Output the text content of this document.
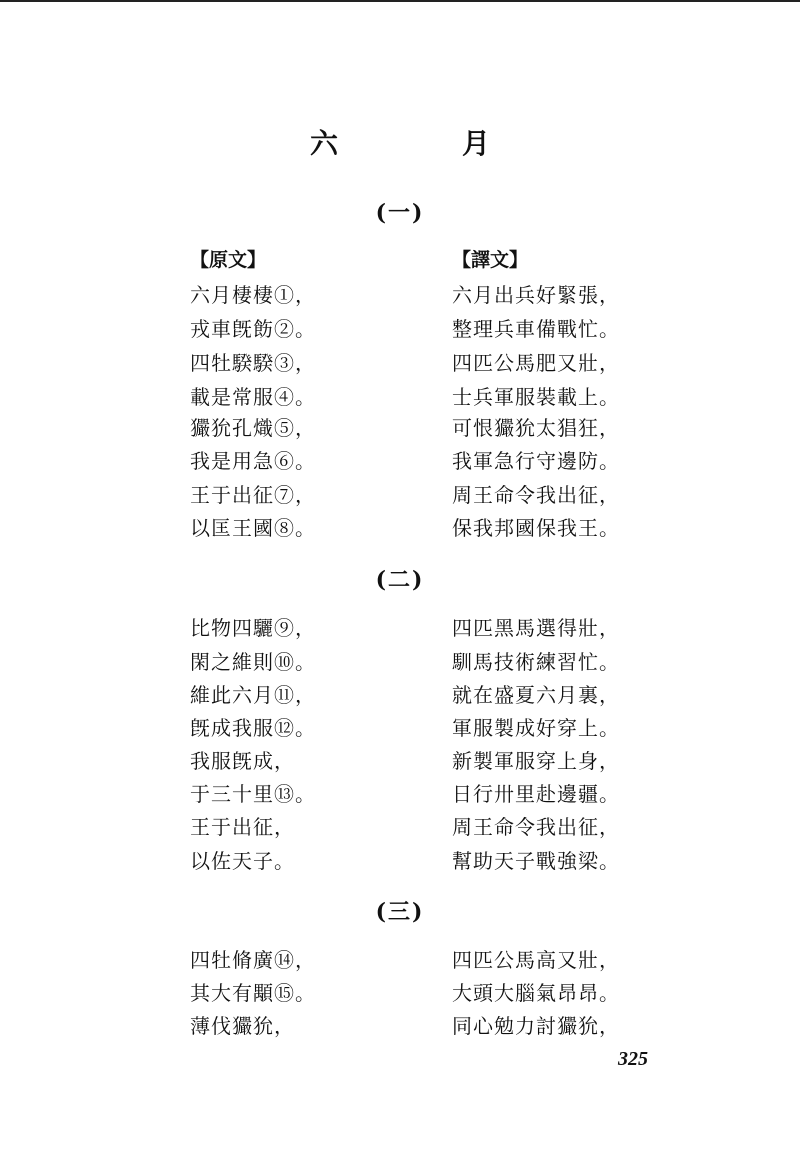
六　月
(一)
【原文】	【譯文】
六月棲棲①，
戎車旣飭②。
四牡騤騤③，
載是常服④。
玁狁孔熾⑤，
我是用急⑥。
王于出征⑦，
以匡王國⑧。
六月出兵好緊張，
整理兵車備戰忙。
四匹公馬肥又壯，
士兵軍服裝載上。
可恨玁狁太猖狂，
我軍急行守邊防。
周王命令我出征，
保我邦國保我王。
(二)
比物四驪⑨，
閑之維則⑩。
維此六月⑪，
旣成我服⑫。
我服旣成，
于三十里⑬。
王于出征，
以佐天子。
四匹黑馬選得壯，
馴馬技術練習忙。
就在盛夏六月裏，
軍服製成好穿上。
新製軍服穿上身，
日行卅里赴邊疆。
周王命令我出征，
幫助天子戰強梁。
(三)
四牡脩廣⑭，
其大有顒⑮。
薄伐玁狁，
四匹公馬高又壯，
大頭大腦氣昂昂。
同心勉力討玁狁，
325
